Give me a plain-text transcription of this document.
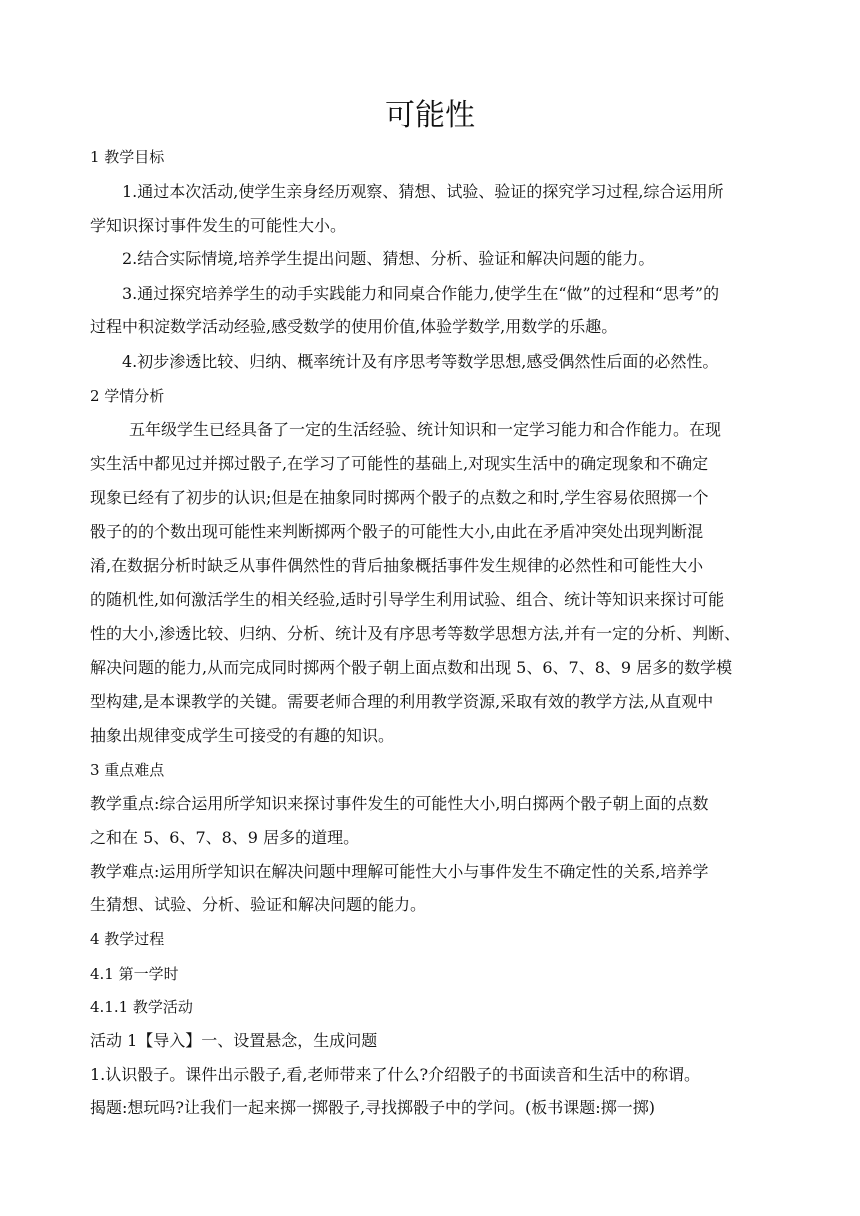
可能性
1 教学目标
1.通过本次活动,使学生亲身经历观察、猜想、试验、验证的探究学习过程,综合运用所
学知识探讨事件发生的可能性大小。
2.结合实际情境,培养学生提出问题、猜想、分析、验证和解决问题的能力。
3.通过探究培养学生的动手实践能力和同桌合作能力,使学生在“做”的过程和“思考”的
过程中积淀数学活动经验,感受数学的使用价值,体验学数学,用数学的乐趣。
4.初步渗透比较、归纳、概率统计及有序思考等数学思想,感受偶然性后面的必然性。
2 学情分析
五年级学生已经具备了一定的生活经验、统计知识和一定学习能力和合作能力。在现
实生活中都见过并掷过骰子,在学习了可能性的基础上,对现实生活中的确定现象和不确定
现象已经有了初步的认识;但是在抽象同时掷两个骰子的点数之和时,学生容易依照掷一个
骰子的的个数出现可能性来判断掷两个骰子的可能性大小,由此在矛盾冲突处出现判断混
淆,在数据分析时缺乏从事件偶然性的背后抽象概括事件发生规律的必然性和可能性大小
的随机性,如何激活学生的相关经验,适时引导学生利用试验、组合、统计等知识来探讨可能
性的大小,渗透比较、归纳、分析、统计及有序思考等数学思想方法,并有一定的分析、判断、
解决问题的能力,从而完成同时掷两个骰子朝上面点数和出现 5、6、7、8、9 居多的数学模
型构建,是本课教学的关键。需要老师合理的利用教学资源,采取有效的教学方法,从直观中
抽象出规律变成学生可接受的有趣的知识。
3 重点难点
教学重点:综合运用所学知识来探讨事件发生的可能性大小,明白掷两个骰子朝上面的点数
之和在 5、6、7、8、9 居多的道理。
教学难点:运用所学知识在解决问题中理解可能性大小与事件发生不确定性的关系,培养学
生猜想、试验、分析、验证和解决问题的能力。
4 教学过程
4.1 第一学时
4.1.1 教学活动
活动 1【导入】一、设置悬念，生成问题
1.认识骰子。课件出示骰子,看,老师带来了什么?介绍骰子的书面读音和生活中的称谓。
揭题:想玩吗?让我们一起来掷一掷骰子,寻找掷骰子中的学问。(板书课题:掷一掷)
